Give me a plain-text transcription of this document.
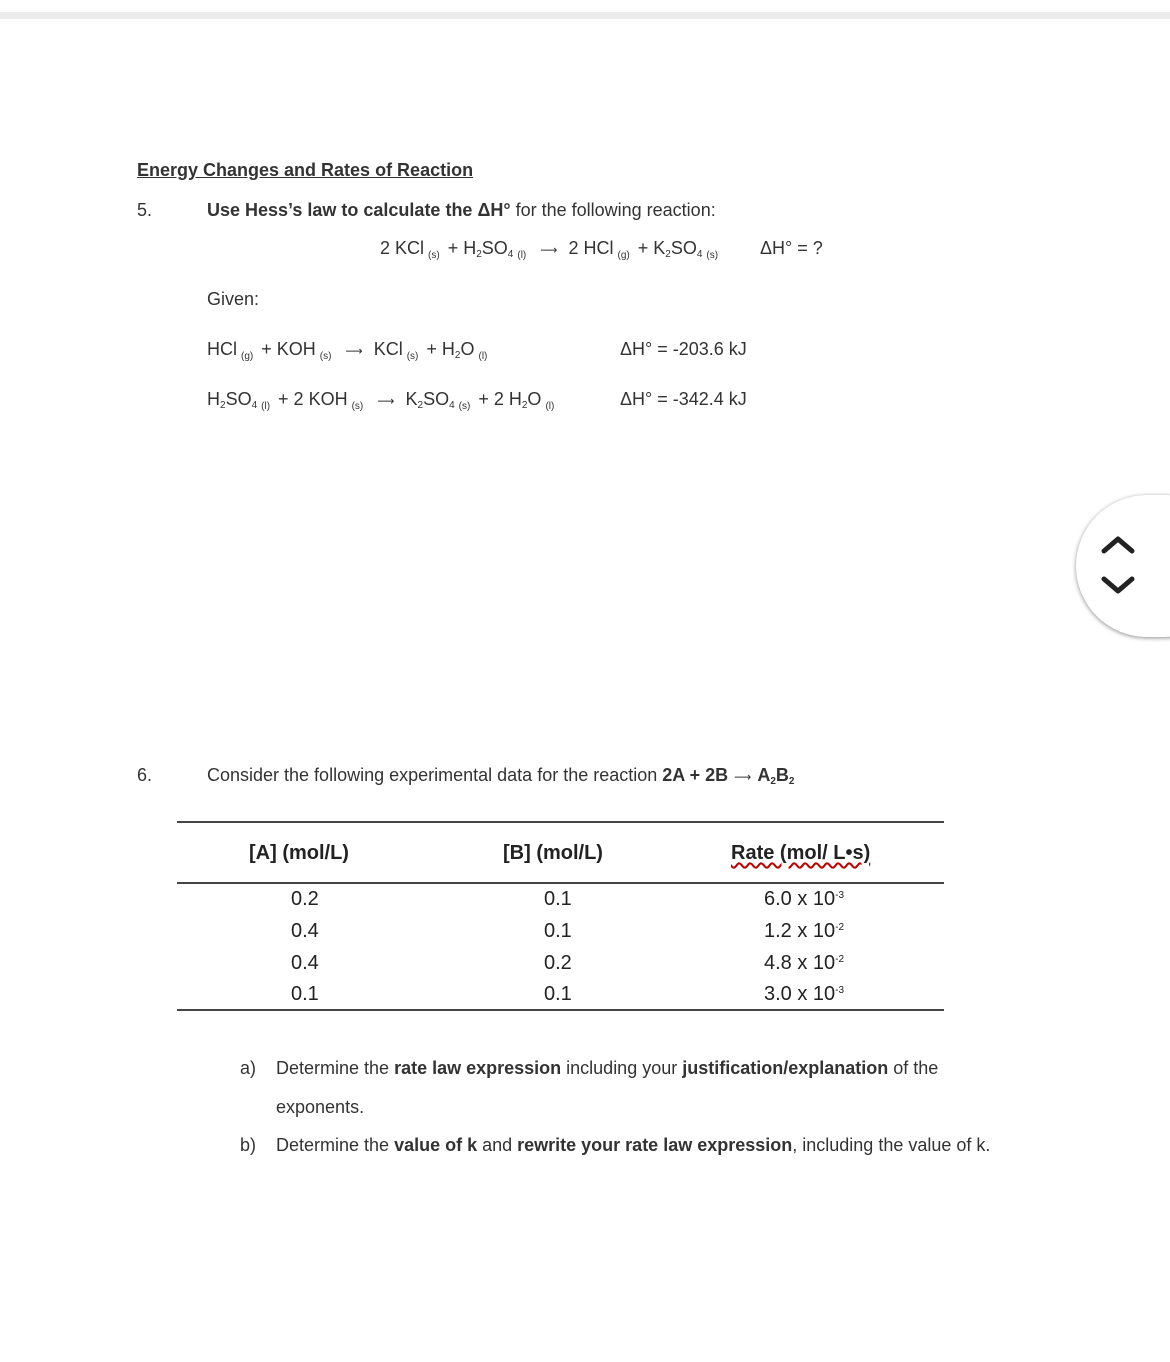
Energy Changes and Rates of Reaction
5.	Use Hess’s law to calculate the ΔH° for the following reaction:
2 KCl $_{(s)} + H_2SO_4$ $_{(l)}$ ⟶ 2 HCl $_{(g)} + K_2SO_4$ $_{(s)}$ ΔH° = ?
Given:
HCl $_{(g)}$ + KOH $_{(s)}$ ⟶ KCl $_{(s)} + H_2O$ $_{(l)}$	ΔH° = -203.6 kJ
$H_2SO_4$ $_{(l)}$ + 2 KOH $_{(s)}$ ⟶ $K_2SO_4$ $_{(s)}$ + 2 $H_2O$ $_{(l)}$	ΔH° = -342.4 kJ
6.	Consider the following experimental data for the reaction 2A + 2B ⟶ $A_2B_2$
[A] (mol/L)	[B] (mol/L)	Rate (mol/ L•s)
0.2	0.1	6.0 x $10^{-3}$
0.4	0.1	1.2 x $10^{-2}$
0.4	0.2	4.8 x $10^{-2}$
0.1	0.1	3.0 x $10^{-3}$
a) Determine the rate law expression including your justification/explanation of the
exponents.
b) Determine the value of k and rewrite your rate law expression, including the value of k.
